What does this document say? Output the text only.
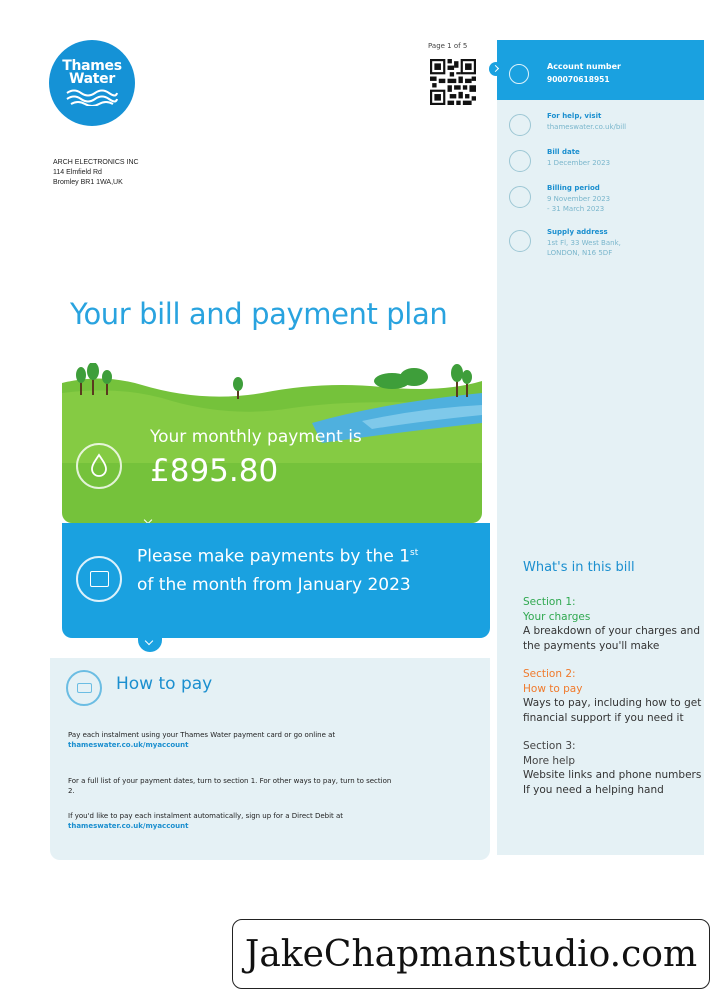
Thames
Water
Page 1 of 5
ARCH ELECTRONICS INC
114 Elmfield Rd
Bromley BR1 1WA,UK
Account number
900070618951
For help, visit
thameswater.co.uk/bill
Bill date
1 December 2023
Billing period
9 November 2023
- 31 March 2023
Supply address
1st Fl, 33 West Bank,
LONDON, N16 5DF
What's in this bill
Section 1:
Your charges
A breakdown of your charges and the payments you'll make
Section 2:
How to pay
Ways to pay, including how to get financial support if you need it
Section 3:
More help
Website links and phone numbers
If you need a helping hand
Your bill and payment plan
Your monthly payment is
£895.80
Please make payments by the 1st
of the month from January 2023
How to pay

Pay each instalment using your Thames Water payment card or go online at
thameswater.co.uk/myaccount

For a full list of your payment dates, turn to section 1. For other ways to pay, turn to section 2.

If you'd like to pay each instalment automatically, sign up for a Direct Debit at
thameswater.co.uk/myaccount

JakeChapmanstudio.com
